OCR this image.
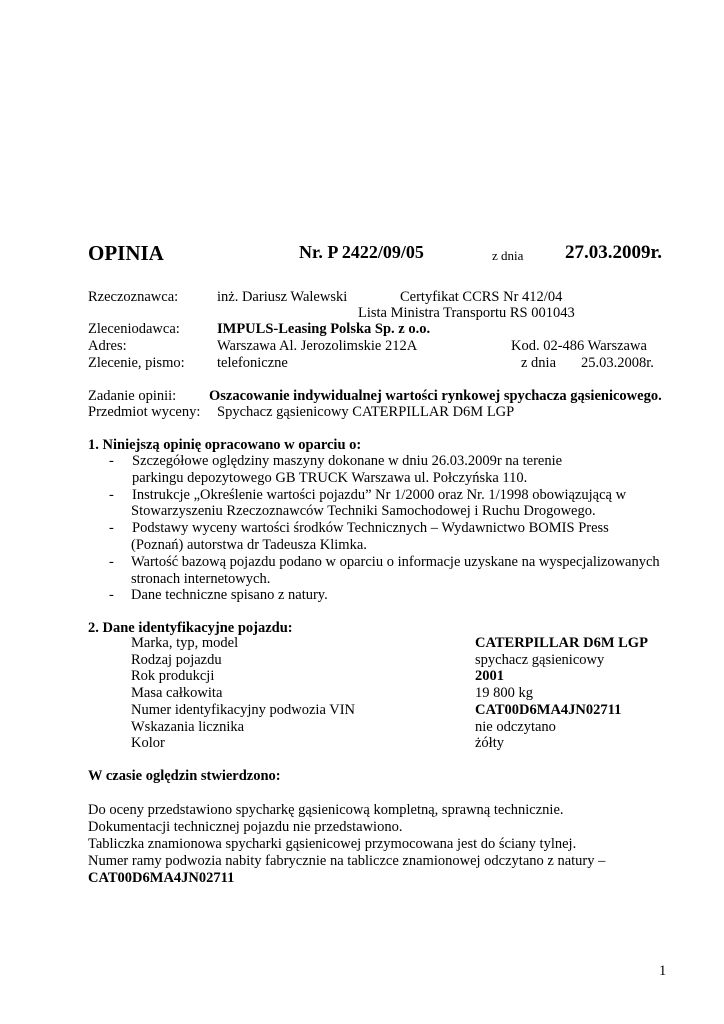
OPINIA	Nr. P 2422/09/05	z dnia 27.03.2009r.
Rzeczoznawca:	inż. Dariusz Walewski	Certyfikat CCRS Nr 412/04
Lista Ministra Transportu RS 001043
Zleceniodawca:	IMPULS-Leasing Polska Sp. z o.o.
Adres:	Warszawa Al. Jerozolimskie 212A	Kod. 02-486 Warszawa
Zlecenie, pismo: telefoniczne	z dnia 25.03.2008r.
Zadanie opinii: Oszacowanie indywidualnej wartości rynkowej spychacza gąsienicowego.
Przedmiot wyceny: Spychacz gąsienicowy CATERPILLAR D6M LGP
1. Niniejszą opinię opracowano w oparciu o:
- Szczegółowe oględziny maszyny dokonane w dniu 26.03.2009r na terenie
parkingu depozytowego GB TRUCK Warszawa ul. Połczyńska 110.
- Instrukcje „Określenie wartości pojazdu” Nr 1/2000 oraz Nr. 1/1998 obowiązującą w
Stowarzyszeniu Rzeczoznawców Techniki Samochodowej i Ruchu Drogowego.
- Podstawy wyceny wartości środków Technicznych – Wydawnictwo BOMIS Press
(Poznań) autorstwa dr Tadeusza Klimka.
- Wartość bazową pojazdu podano w oparciu o informacje uzyskane na wyspecjalizowanych
stronach internetowych.
- Dane techniczne spisano z natury.
2. Dane identyfikacyjne pojazdu:
Marka, typ, model	CATERPILLAR D6M LGP
Rodzaj pojazdu	spychacz gąsienicowy
Rok produkcji	2001
Masa całkowita	19 800 kg
Numer identyfikacyjny podwozia VIN	CAT00D6MA4JN02711
Wskazania licznika	nie odczytano
Kolor	żółty
W czasie oględzin stwierdzono:
Do oceny przedstawiono spycharkę gąsienicową kompletną, sprawną technicznie.
Dokumentacji technicznej pojazdu nie przedstawiono.
Tabliczka znamionowa spycharki gąsienicowej przymocowana jest do ściany tylnej.
Numer ramy podwozia nabity fabrycznie na tabliczce znamionowej odczytano z natury –
CAT00D6MA4JN02711
1
